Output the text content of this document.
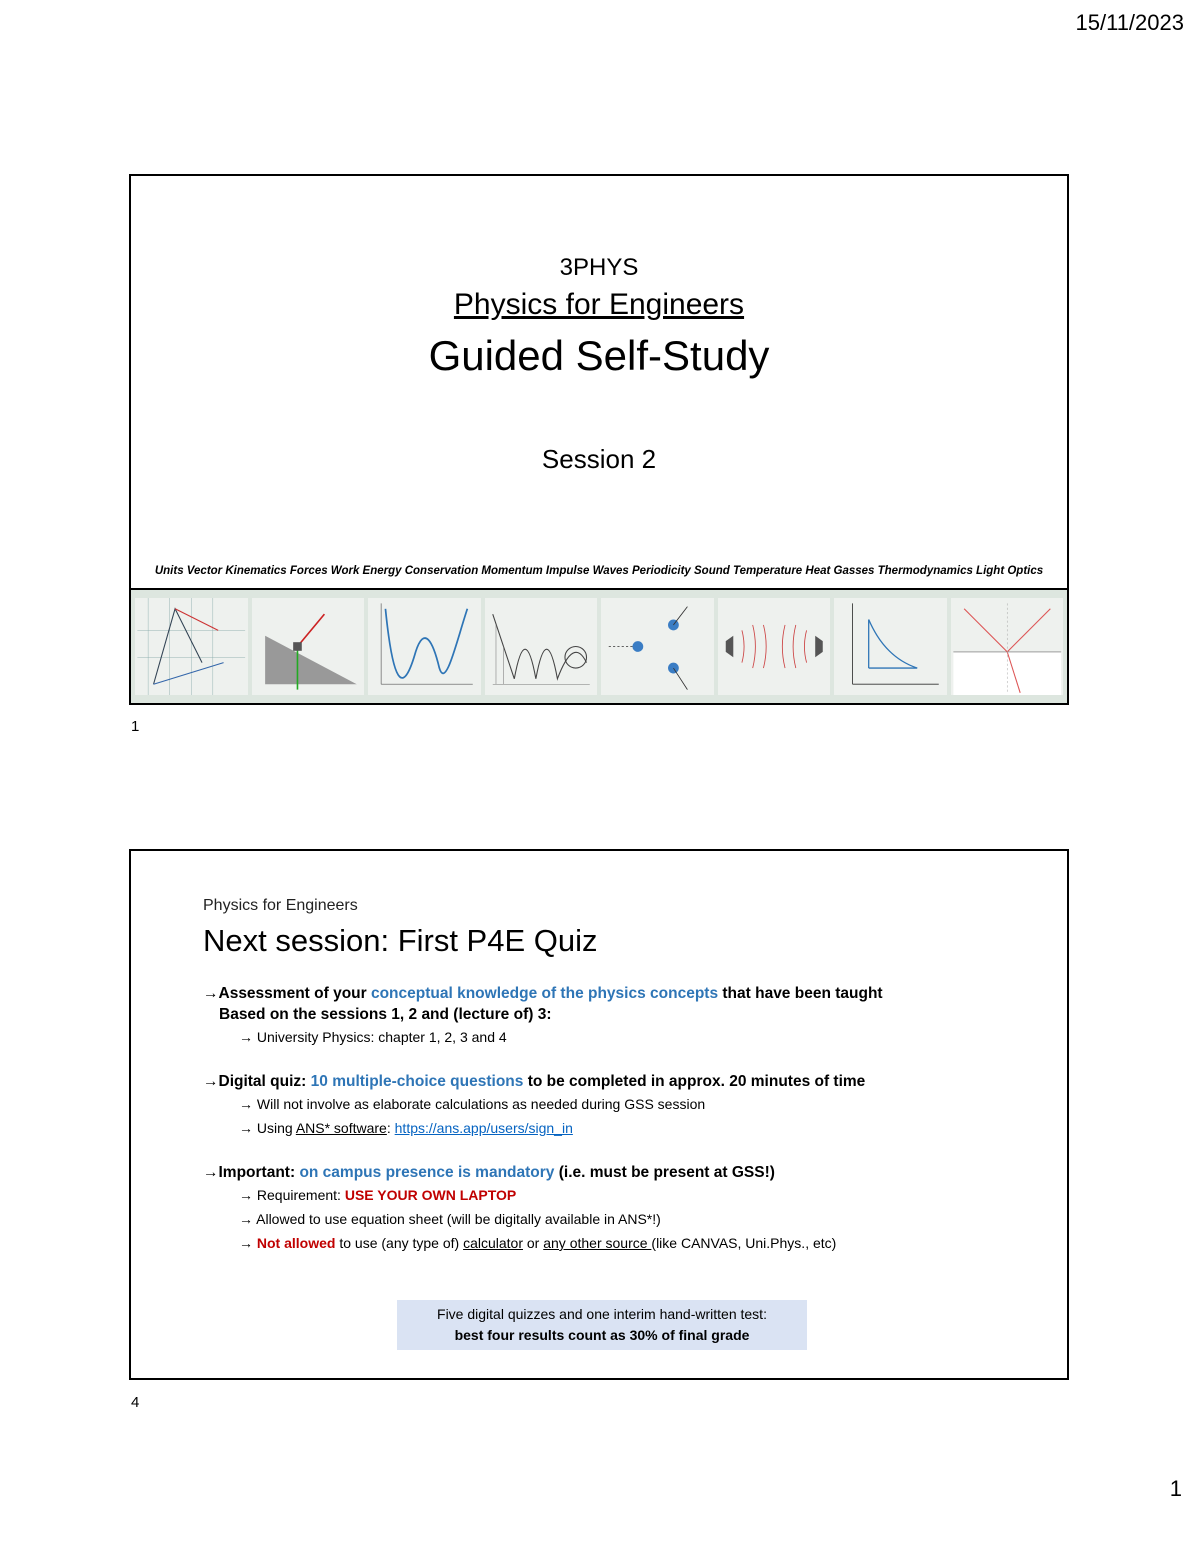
15/11/2023
3PHYS
Physics for Engineers
Guided Self-Study
Session 2
Units Vector Kinematics Forces Work Energy Conservation Momentum Impulse Waves Periodicity Sound Temperature Heat Gasses Thermodynamics Light Optics
1
Physics for Engineers
Next session: First P4E Quiz
→Assessment of your conceptual knowledge of the physics concepts that have been taught
Based on the sessions 1, 2 and (lecture of) 3:
→ University Physics: chapter 1, 2, 3 and 4
→Digital quiz: 10 multiple-choice questions to be completed in approx. 20 minutes of time
→ Will not involve as elaborate calculations as needed during GSS session
→ Using ANS* software: https://ans.app/users/sign_in
→Important: on campus presence is mandatory (i.e. must be present at GSS!)
→ Requirement: USE YOUR OWN LAPTOP
→ Allowed to use equation sheet (will be digitally available in ANS*!)
→ Not allowed to use (any type of) calculator or any other source (like CANVAS, Uni.Phys., etc)
Five digital quizzes and one interim hand-written test:
best four results count as 30% of final grade
4
1
